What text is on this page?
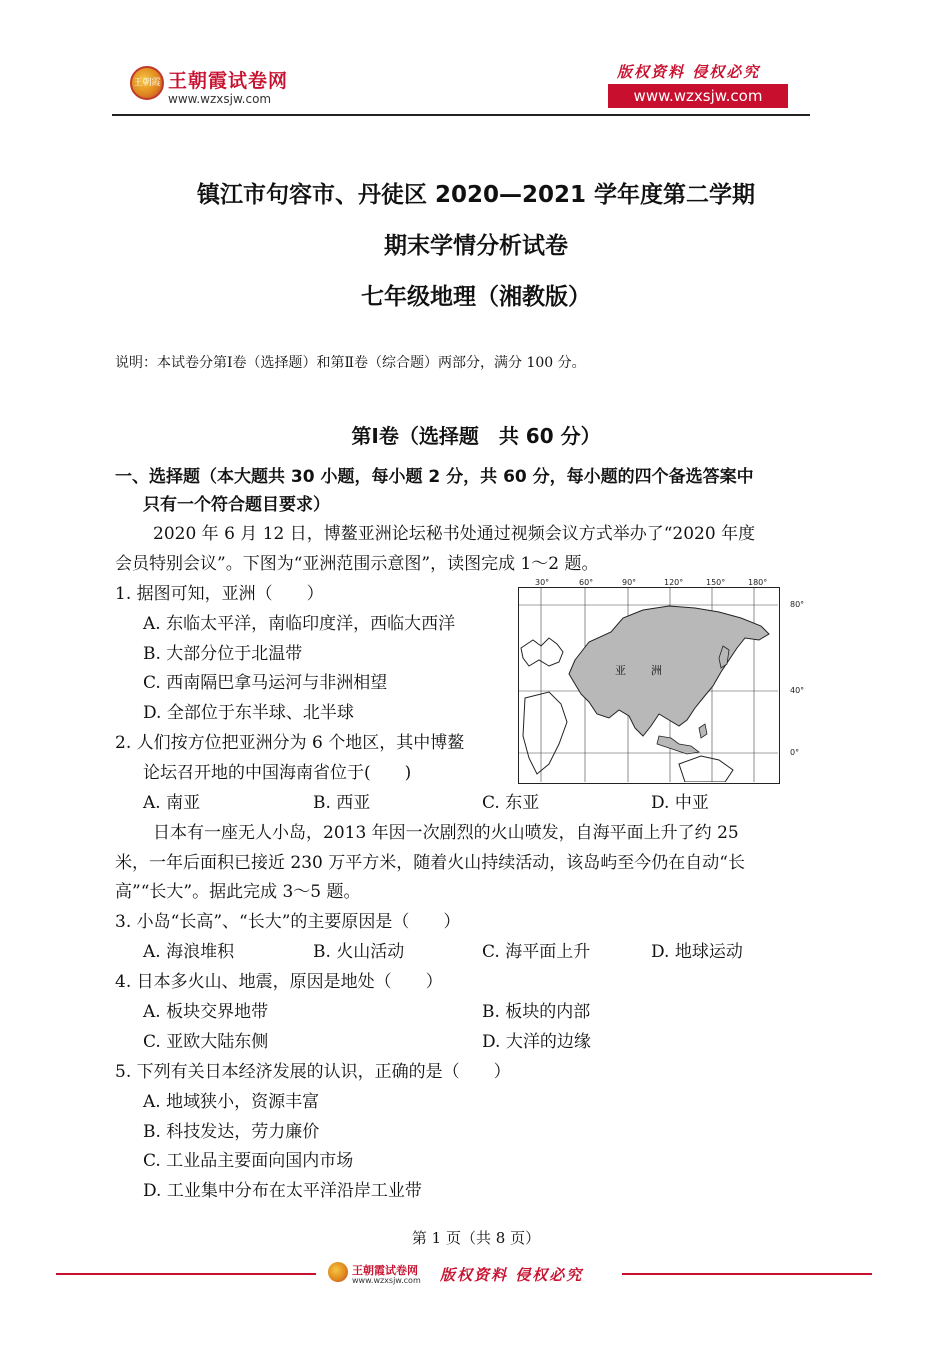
王朝霞 王朝霞试卷网
www.wzxsjw.com
版权资料 侵权必究
www.wzxsjw.com
镇江市句容市、丹徒区 2020—2021 学年度第二学期
期末学情分析试卷
七年级地理（湘教版）
说明：本试卷分第Ⅰ卷（选择题）和第Ⅱ卷（综合题）两部分，满分 100 分。
第Ⅰ卷（选择题　共 60 分）
一、选择题（本大题共 30 小题，每小题 2 分，共 60 分，每小题的四个备选答案中
只有一个符合题目要求）
2020 年 6 月 12 日，博鳌亚洲论坛秘书处通过视频会议方式举办了“2020 年度
会员特别会议”。下图为“亚洲范围示意图”，读图完成 1～2 题。
1. 据图可知，亚洲（　　）
A. 东临太平洋，南临印度洋，西临大西洋
B. 大部分位于北温带
C. 西南隔巴拿马运河与非洲相望
D. 全部位于东半球、北半球
2. 人们按方位把亚洲分为 6 个地区，其中博鳌
论坛召开地的中国海南省位于(　　)
A. 南亚	B. 西亚	C. 东亚	D. 中亚
30°	60°	90°	120°	150°	180°
80°
40°
0°
亚 洲
日本有一座无人小岛，2013 年因一次剧烈的火山喷发，自海平面上升了约 25
米，一年后面积已接近 230 万平方米，随着火山持续活动，该岛屿至今仍在自动“长
高”“长大”。据此完成 3～5 题。
3. 小岛“长高”、“长大”的主要原因是（　　）
A. 海浪堆积	B. 火山活动	C. 海平面上升	D. 地球运动
4. 日本多火山、地震，原因是地处（　　）
A. 板块交界地带	B. 板块的内部
C. 亚欧大陆东侧	D. 大洋的边缘
5. 下列有关日本经济发展的认识，正确的是（　　）
A. 地域狭小，资源丰富
B. 科技发达，劳力廉价
C. 工业品主要面向国内市场
D. 工业集中分布在太平洋沿岸工业带
第 1 页（共 8 页）
王朝霞试卷网
www.wzxsjw.com 版权资料 侵权必究
